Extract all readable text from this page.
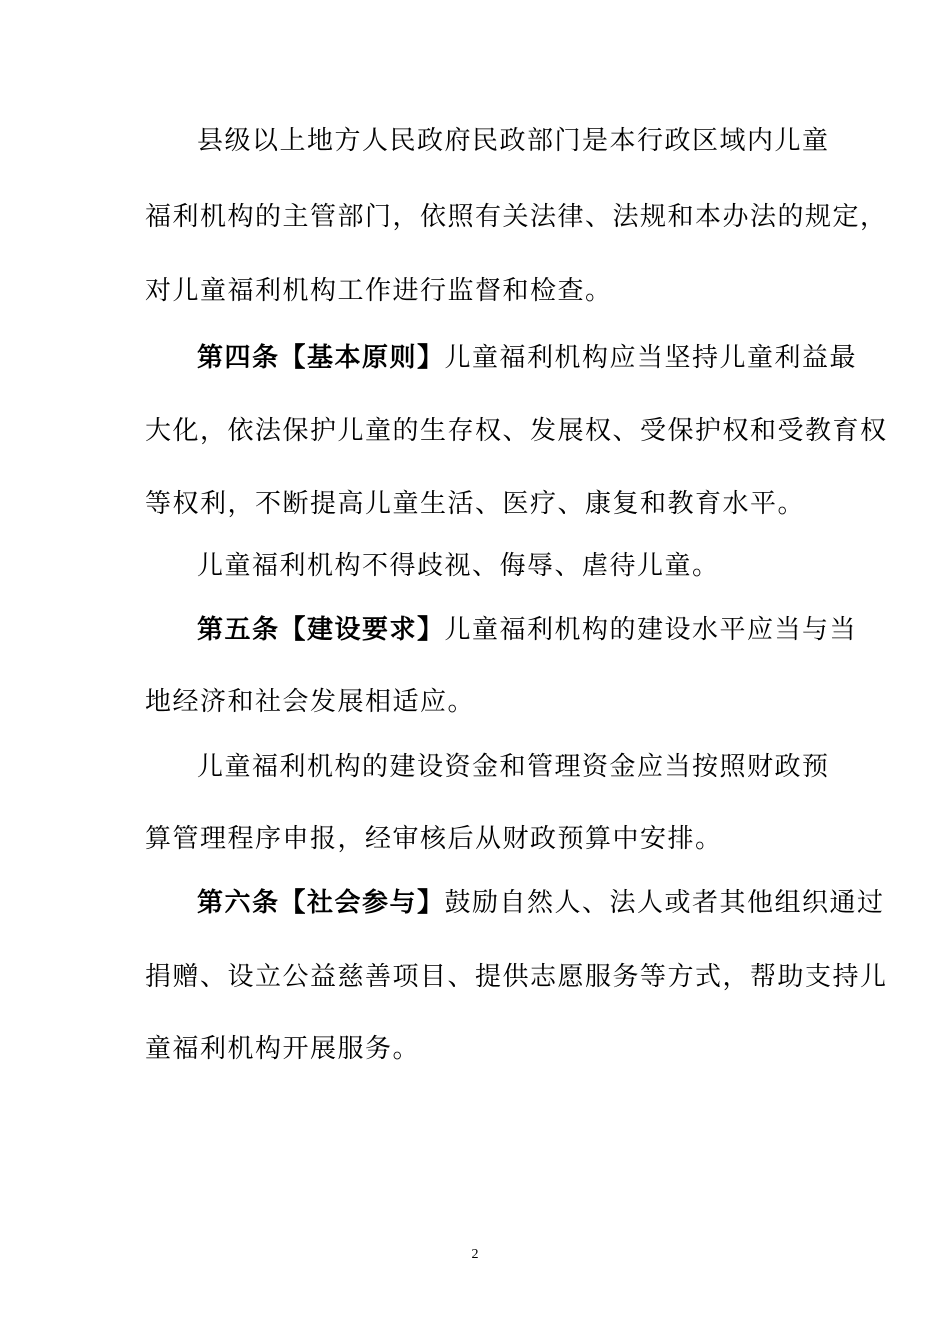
县级以上地方人民政府民政部门是本行政区域内儿童
福利机构的主管部门，依照有关法律、法规和本办法的规定，
对儿童福利机构工作进行监督和检查。
第四条【基本原则】 儿童福利机构应当坚持儿童利益最
大化，依法保护儿童的生存权、发展权、受保护权和受教育权
等权利，不断提高儿童生活、医疗、康复和教育水平。
儿童福利机构不得歧视、侮辱、虐待儿童。
第五条【建设要求】 儿童福利机构的建设水平应当与当
地经济和社会发展相适应。
儿童福利机构的建设资金和管理资金应当按照财政预
算管理程序申报，经审核后从财政预算中安排。
第六条【社会参与】 鼓励自然人、法人或者其他组织通过
捐赠、设立公益慈善项目、提供志愿服务等方式，帮助支持儿
童福利机构开展服务。
2
